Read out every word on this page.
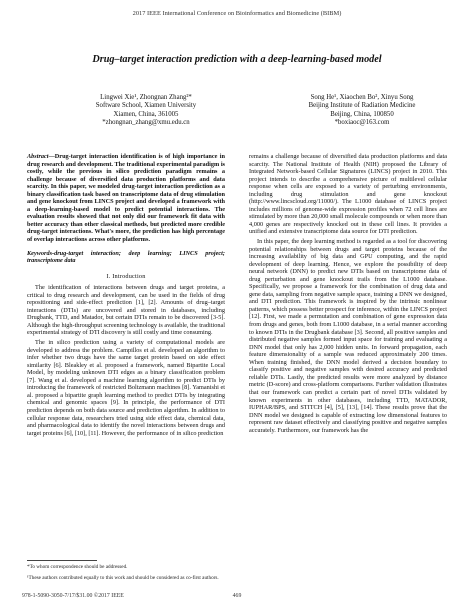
2017 IEEE International Conference on Bioinformatics and Biomedicine (BIBM)
Drug–target interaction prediction with a deep-learning-based model
Lingwei Xie¹, Zhongnan Zhang²*
Software School, Xiamen University
Xiamen, China, 361005
*zhongnan_zhang@xmu.edu.cn
Song He¹, Xiaochen Bo², Xinyu Song
Beijing Institute of Radiation Medicine
Beijing, China, 100850
*boxiaoc@163.com

Abstract—Drug-target interaction identification is of high importance in drug research and development. The traditional experimental paradigm is costly, while the previous in silico prediction paradigm remains a challenge because of diversified data production platforms and data scarcity. In this paper, we modeled drug-target interaction prediction as a binary classification task based on transcriptome data of drug stimulation and gene knockout from LINCS project and developed a framework with a deep-learning-based model to predict potential interactions. The evaluation results showed that not only did our framework fit data with better accuracy than other classical methods, but predicted more credible drug-target interactions. What's more, the prediction has high percentage of overlap interactions across other platforms.

Keywords-drug-target interaction; deep learning; LINCS project; transcriptome data

I. Introduction

The identification of interactions between drugs and target proteins, a critical to drug research and development, can be used in the fields of drug repositioning and side-effect prediction [1], [2]. Amounts of drug–target interactions (DTIs) are uncovered and stored in databases, including Drugbank, TTD, and Matador, but certain DTIs remain to be discovered [3-5]. Although the high-throughput screening technology is available, the traditional experimental strategy of DTI discovery is still costly and time consuming.

The in silico prediction using a variety of computational models are developed to address the problem. Campillos et al. developed an algorithm to infer whether two drugs have the same target protein based on side effect similarity [6]. Bleakley et al. proposed a framework, named Bipartite Local Model, by modeling unknown DTI edges as a binary classification problem [7]. Wang et al. developed a machine learning algorithm to predict DTIs by introducing the framework of restricted Boltzmann machines [8]. Yamanishi et al. proposed a bipartite graph learning method to predict DTIs by integrating chemical and genomic spaces [9]. In principle, the performance of DTI prediction depends on both data source and prediction algorithm. In addition to cellular response data, researchers tried using side effect data, chemical data, and pharmacological data to identify the novel interactions between drugs and target proteins [6], [10], [11]. However, the performance of in silico prediction

remains a challenge because of diversified data production platforms and data scarcity. The National Institute of Health (NIH) proposed the Library of Integrated Network-based Cellular Signatures (LINCS) project in 2010. This project intends to describe a comprehensive picture of multilevel cellular response when cells are exposed to a variety of perturbing environments, including drug stimulation and gene knockout (http://www.lincscloud.org/11000/). The L1000 database of LINCS project includes millions of genome-wide expression profiles when 72 cell lines are stimulated by more than 20,000 small molecule compounds or when more than 4,000 genes are respectively knocked out in these cell lines. It provides a unified and extensive transcriptome data source for DTI prediction.

In this paper, the deep learning method is regarded as a tool for discovering potential relationships between drugs and target proteins because of the increasing availability of big data and GPU computing, and the rapid development of deep learning. Hence, we explore the possibility of deep neural network (DNN) to predict new DTIs based on transcriptome data of drug perturbation and gene knockout trails from the L1000 database. Specifically, we propose a framework for the combination of drug data and gene data, sampling from negative sample space, training a DNN we designed, and DTI prediction. This framework is inspired by the intrinsic nonlinear patterns, which possess better prospect for inference, within the LINCS project [12]. First, we made a permutation and combination of gene expression data from drugs and genes, both from L1000 database, in a serial manner according to known DTIs in the Drugbank database [3]. Second, all positive samples and distributed negative samples formed input space for training and evaluating a DNN model that only has 2,000 hidden units. In forward propagation, each feature dimensionality of a sample was reduced approximately 200 times. When training finished, the DNN model derived a decision boundary to classify positive and negative samples with desired accuracy and predicted reliable DTIs. Lastly, the predicted results were more analyzed by distance metric (D-score) and cross-platform comparisons. Further validation illustrates that our framework can predict a certain part of novel DTIs validated by known experiments in other databases, including TTD, MATADOR, IUPHAR/BPS, and STITCH [4], [5], [13], [14]. These results prove that the DNN model we designed is capable of extracting low dimensional features to represent raw dataset effectively and classifying positive and negative samples accurately. Furthermore, our framework has the

*To whom correspondence should be addressed.
¹These authors contributed equally to this work and should be considered as co-first authors.
978-1-5090-3050-7/17/$31.00 ©2017 IEEE	469
